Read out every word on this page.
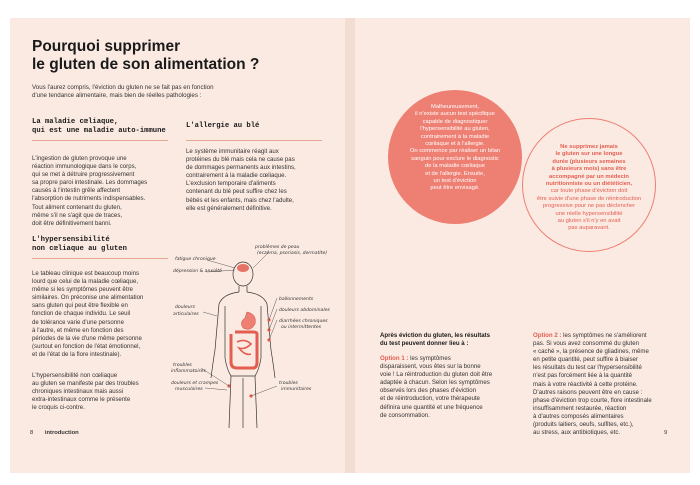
Pourquoi supprimer
le gluten de son alimentation ?
Vous l'aurez compris, l'éviction du gluten ne se fait pas en fonction
d'une tendance alimentaire, mais bien de réelles pathologies :
La maladie cœliaque,
qui est une maladie auto-immune
L'ingestion de gluten provoque une
réaction immunologique dans le corps,
qui se met à détruire progressivement
sa propre paroi intestinale. Les dommages
causés à l'intestin grêle affectent
l'absorption de nutriments indispensables.
Tout aliment contenant du gluten,
même s'il ne s'agit que de traces,
doit être définitivement banni.
L'allergie au blé
Le système immunitaire réagit aux
protéines du blé mais cela ne cause pas
de dommages permanents aux intestins,
contrairement à la maladie cœliaque.
L'exclusion temporaire d'aliments
contenant du blé peut suffire chez les
bébés et les enfants, mais chez l'adulte,
elle est généralement définitive.
L'hypersensibilité
non cœliaque au gluten
Le tableau clinique est beaucoup moins
lourd que celui de la maladie cœliaque,
même si les symptômes peuvent être
similaires. On préconise une alimentation
sans gluten qui peut être flexible en
fonction de chaque individu. Le seuil
de tolérance varie d'une personne
à l'autre, et même en fonction des
périodes de la vie d'une même personne
(surtout en fonction de l'état émotionnel,
et de l'état de la flore intestinale).
L'hypersensibilité non cœliaque
au gluten se manifeste par des troubles
chroniques intestinaux mais aussi
extra-intestinaux comme le présente
le croquis ci-contre.
fatigue chronique
dépression & anxiété
problèmes de peau
(eczéma, psoriasis, dermatite)
douleurs
articulaires
ballonnements
douleurs abdominales
diarrhées chroniques
ou intermittentes
troubles
inflammatoires
douleurs et crampes
musculaires
troubles
immunitaires
8 introduction
Malheureusement,
il n'existe aucun test spécifique
capable de diagnostiquer
l'hypersensibilité au gluten,
contrairement à la maladie
cœliaque et à l'allergie.
On commence par réaliser un bilan
sanguin pour exclure le diagnostic
de la maladie cœliaque
et de l'allergie. Ensuite,
un test d'éviction
peut être envisagé.
Ne supprimez jamais
le gluten sur une longue
durée (plusieurs semaines
à plusieurs mois) sans être
accompagné par un médecin
nutritionniste ou un diététicien,
car toute phase d'éviction doit
être suivie d'une phase de réintroduction
progressive pour ne pas déclencher
une réelle hypersensibilité
au gluten s'il n'y en avait
pas auparavant.
Après éviction du gluten, les résultats
du test peuvent donner lieu à :
Option 1 : les symptômes
disparaissent, vous êtes sur la bonne
voie ! La réintroduction du gluten doit être
adaptée à chacun. Selon les symptômes
observés lors des phases d'éviction
et de réintroduction, votre thérapeute
définira une quantité et une fréquence
de consommation.
Option 2 : les symptômes ne s'améliorent
pas. Si vous avez consommé du gluten
« caché », la présence de gliadines, même
en petite quantité, peut suffire à biaiser
les résultats du test car l'hypersensibilité
n'est pas forcément liée à la quantité
mais à votre réactivité à cette protéine.
D'autres raisons peuvent être en cause :
phase d'éviction trop courte, flore intestinale
insuffisamment restaurée, réaction
à d'autres composés alimentaires
(produits laitiers, oeufs, sulfites, etc.),
au stress, aux antibiotiques, etc.	9
